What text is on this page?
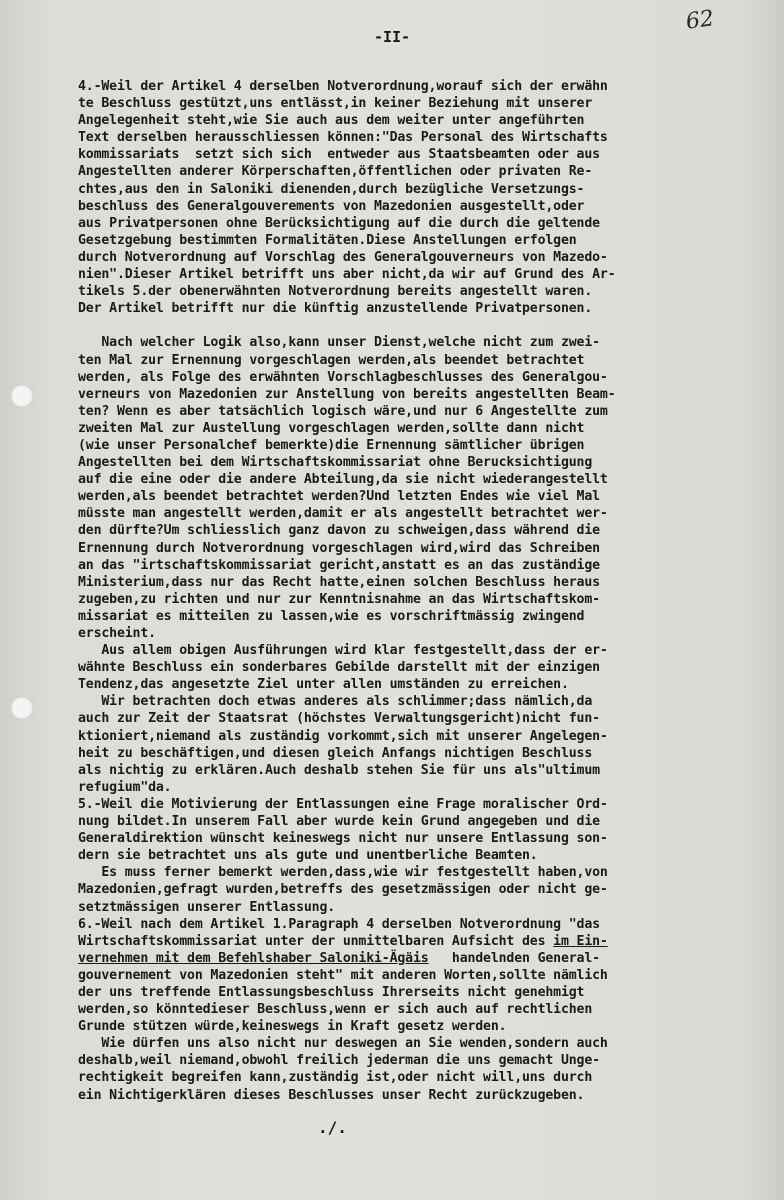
-II-
62
4.-Weil der Artikel 4 derselben Notverordnung,worauf sich der erwähn
te Beschluss gestützt,uns entlässt,in keiner Beziehung mit unserer
Angelegenheit steht,wie Sie auch aus dem weiter unter angeführten
Text derselben herausschliessen können:"Das Personal des Wirtschafts
kommissariats  setzt sich sich  entweder aus Staatsbeamten oder aus
Angestellten anderer Körperschaften,öffentlichen oder privaten Re-
chtes,aus den in Saloniki dienenden,durch bezügliche Versetzungs-
beschluss des Generalgouverements von Mazedonien ausgestellt,oder
aus Privatpersonen ohne Berücksichtigung auf die durch die geltende
Gesetzgebung bestimmten Formalitäten.Diese Anstellungen erfolgen
durch Notverordnung auf Vorschlag des Generalgouverneurs von Mazedo-
nien".Dieser Artikel betrifft uns aber nicht,da wir auf Grund des Ar-
tikels 5.der obenerwähnten Notverordnung bereits angestellt waren.
Der Artikel betrifft nur die künftig anzustellende Privatpersonen.
Nach welcher Logik also,kann unser Dienst,welche nicht zum zwei-
ten Mal zur Ernennung vorgeschlagen werden,als beendet betrachtet
werden, als Folge des erwähnten Vorschlagbeschlusses des Generalgou-
verneurs von Mazedonien zur Anstellung von bereits angestellten Beam-
ten? Wenn es aber tatsächlich logisch wäre,und nur 6 Angestellte zum
zweiten Mal zur Austellung vorgeschlagen werden,sollte dann nicht
(wie unser Personalchef bemerkte)die Ernennung sämtlicher übrigen
Angestellten bei dem Wirtschaftskommissariat ohne Berucksichtigung
auf die eine oder die andere Abteilung,da sie nicht wiederangestellt
werden,als beendet betrachtet werden?Und letzten Endes wie viel Mal
müsste man angestellt werden,damit er als angestellt betrachtet wer-
den dürfte?Um schliesslich ganz davon zu schweigen,dass während die
Ernennung durch Notverordnung vorgeschlagen wird,wird das Schreiben
an das "irtschaftskommissariat gericht,anstatt es an das zuständige
Ministerium,dass nur das Recht hatte,einen solchen Beschluss heraus
zugeben,zu richten und nur zur Kenntnisnahme an das Wirtschaftskom-
missariat es mitteilen zu lassen,wie es vorschriftmässig zwingend
erscheint.
Aus allem obigen Ausführungen wird klar festgestellt,dass der er-
wähnte Beschluss ein sonderbares Gebilde darstellt mit der einzigen
Tendenz,das angesetzte Ziel unter allen umständen zu erreichen.
Wir betrachten doch etwas anderes als schlimmer;dass nämlich,da
auch zur Zeit der Staatsrat (höchstes Verwaltungsgericht)nicht fun-
ktioniert,niemand als zuständig vorkommt,sich mit unserer Angelegen-
heit zu beschäftigen,und diesen gleich Anfangs nichtigen Beschluss
als nichtig zu erklären.Auch deshalb stehen Sie für uns als"ultimum
refugium"da.
5.-Weil die Motivierung der Entlassungen eine Frage moralischer Ord-
nung bildet.In unserem Fall aber wurde kein Grund angegeben und die
Generaldirektion wünscht keineswegs nicht nur unsere Entlassung son-
dern sie betrachtet uns als gute und unentberliche Beamten.
Es muss ferner bemerkt werden,dass,wie wir festgestellt haben,von
Mazedonien,gefragt wurden,betreffs des gesetzmässigen oder nicht ge-
setztmässigen unserer Entlassung.
6.-Weil nach dem Artikel 1.Paragraph 4 derselben Notverordnung "das
Wirtschaftskommissariat unter der unmittelbaren Aufsicht des im Ein-
vernehmen mit dem Befehlshaber Saloniki-Ägäis   handelnden General-
gouvernement von Mazedonien steht" mit anderen Worten,sollte nämlich
der uns treffende Entlassungsbeschluss Ihrerseits nicht genehmigt
werden,so könntedieser Beschluss,wenn er sich auch auf rechtlichen
Grunde stützen würde,keineswegs in Kraft gesetz werden.
Wie dürfen uns also nicht nur deswegen an Sie wenden,sondern auch
deshalb,weil niemand,obwohl freilich jederman die uns gemacht Unge-
rechtigkeit begreifen kann,zuständig ist,oder nicht will,uns durch
ein Nichtigerklären dieses Beschlusses unser Recht zurückzugeben.
./.
